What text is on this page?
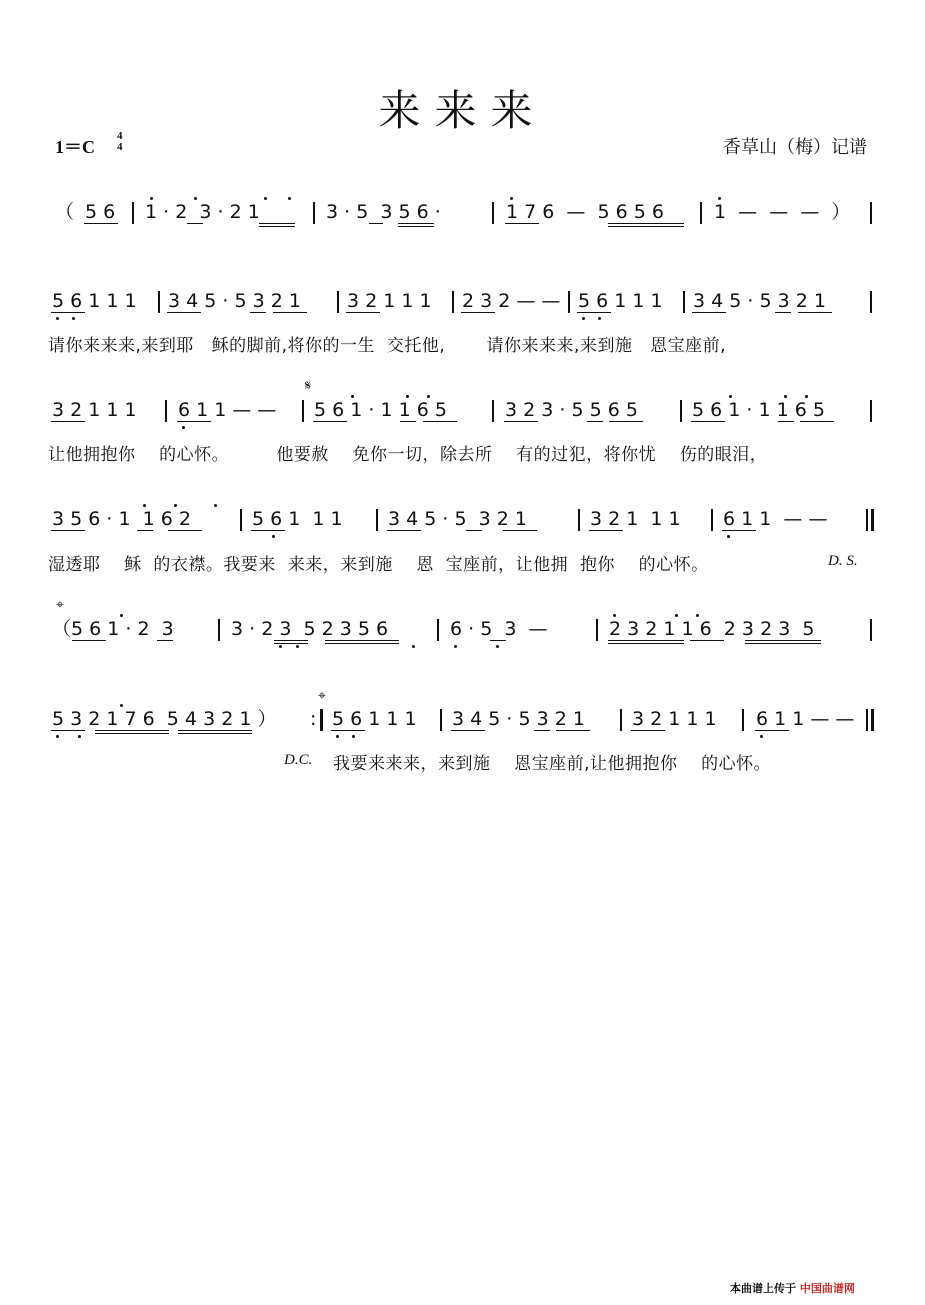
来来来
1＝C
4
4	香草山（梅）记谱
（ 5 6 1 · 2  3 · 2 1	3 · 5  3 5 6 ·	1 7 6  —  5 6 5 6	1  —  —  —  ）
5 6 1 1 1 3 4 5 · 5 3 2 1 3 2 1 1 1 2 3 2 — — 5 6 1 1 1 3 4 5 · 5 3 2 1
请你来来来,来到耶   稣的脚前,将你的一生  交托他,       请你来来来,来到施   恩宝座前,
𝄋
3 2 1 1 1 6 1 1 — — 5 6 1 · 1 1 6 5	3 2 3 · 5 5 6 5	5 6 1 · 1 1 6 5
让他拥抱你    的心怀。        他要赦    免你一切，除去所    有的过犯，将你忧    伤的眼泪，
3 5 6 · 1  1 6 2	5 6 1  1 1 3 4 5 · 5  3 2 1	3 2 1  1 1 6 1 1  — —
湿透耶    稣  的衣襟。我要来  来来，来到施    恩  宝座前，让他拥  抱你    的心怀。	D. S.
⌖
（5 6 1 · 2  3	3 · 2 3  5 2 3 5 6	6 · 5  3  —	2 3 2 1 1 6  2 3 2 3  5
⌖
5 3 2 1 7 6  5 4 3 2 1 ） : 5 6 1 1 1 3 4 5 · 5 3 2 1 3 2 1 1 1 6 1 1 — —
D.C. 我要来来来，来到施    恩宝座前,让他拥抱你    的心怀。
本曲谱上传于 中国曲谱网
